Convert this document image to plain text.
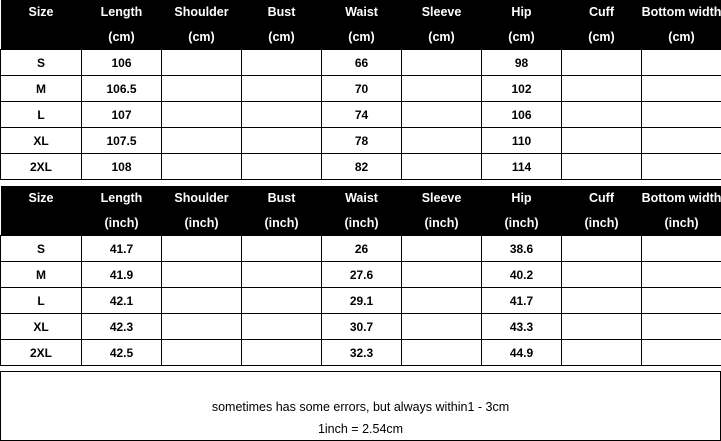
Size	Length	Shoulder	Bust	Waist	Sleeve	Hip	Cuff	Bottom width
	(cm)	(cm)	(cm)	(cm)	(cm)	(cm)	(cm)	(cm)
S	106			66		98		
M	106.5			70		102		
L	107			74		106		
XL	107.5			78		110		
2XL	108			82		114		
Size	Length	Shoulder	Bust	Waist	Sleeve	Hip	Cuff	Bottom width
	(inch)	(inch)	(inch)	(inch)	(inch)	(inch)	(inch)	(inch)
S	41.7			26		38.6		
M	41.9			27.6		40.2		
L	42.1			29.1		41.7		
XL	42.3			30.7		43.3		
2XL	42.5			32.3		44.9		
sometimes has some errors, but always within1 - 3cm
1inch = 2.54cm
